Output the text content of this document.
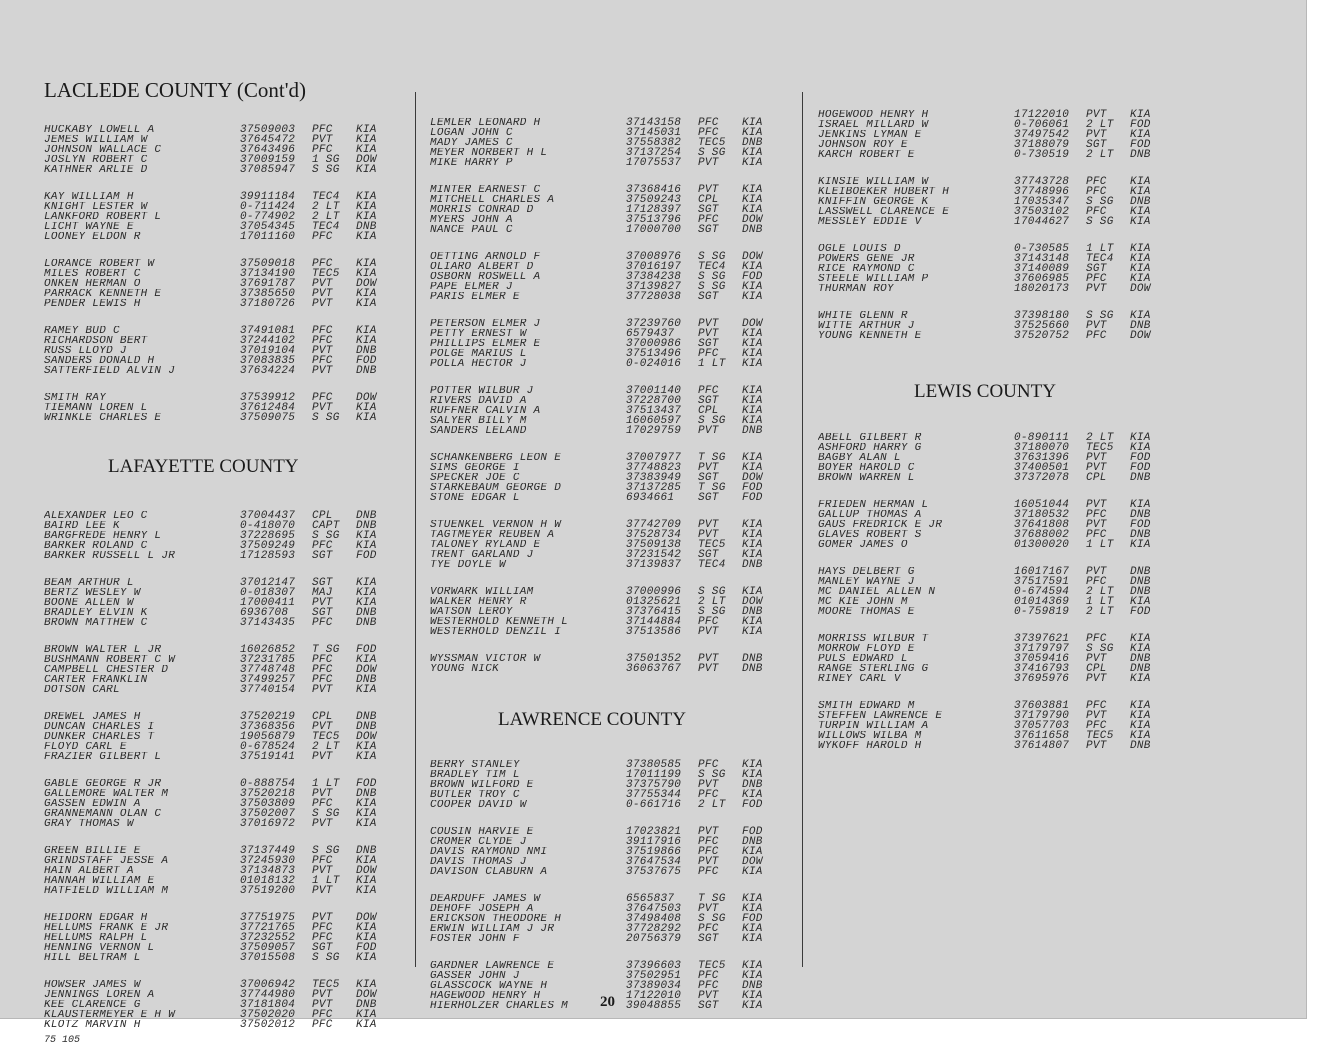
LACLEDE COUNTY (Cont'd)
HUCKABY LOWELL A	37509003	PFC	KIA
JEMES WILLIAM W	37645472	PVT	KIA
JOHNSON WALLACE C	37643496	PFC	KIA
JOSLYN ROBERT C	37009159	1 SG	DOW
KATHNER ARLIE D	37085947	S SG	KIA
KAY WILLIAM H	39911184	TEC4	KIA
KNIGHT LESTER W	0-711424	2 LT	KIA
LANKFORD ROBERT L	0-774902	2 LT	KIA
LICHT WAYNE E	37054345	TEC4	DNB
LOONEY ELDON R	17011160	PFC	KIA
LORANCE ROBERT W	37509018	PFC	KIA
MILES ROBERT C	37134190	TEC5	KIA
ONKEN HERMAN O	37691787	PVT	DOW
PARRACK KENNETH E	37385650	PVT	KIA
PENDER LEWIS H	37180726	PVT	KIA
RAMEY BUD C	37491081	PFC	KIA
RICHARDSON BERT	37244102	PFC	KIA
RUSS LLOYD J	37019104	PVT	DNB
SANDERS DONALD H	37083835	PFC	FOD
SATTERFIELD ALVIN J	37634224	PVT	DNB
SMITH RAY	37539912	PFC	DOW
TIEMANN LOREN L	37612484	PVT	KIA
WRINKLE CHARLES E	37509075	S SG	KIA
LAFAYETTE COUNTY
ALEXANDER LEO C	37004437	CPL	DNB
BAIRD LEE K	0-418070	CAPT	DNB
BARGFREDE HENRY L	37228695	S SG	KIA
BARKER ROLAND C	37509249	PFC	KIA
BARKER RUSSELL L JR	17128593	SGT	FOD
BEAM ARTHUR L	37012147	SGT	KIA
BERTZ WESLEY W	0-018307	MAJ	KIA
BOONE ALLEN W	17000411	PVT	KIA
BRADLEY ELVIN K	6936708	SGT	DNB
BROWN MATTHEW C	37143435	PFC	DNB
BROWN WALTER L JR	16026852	T SG	FOD
BUSHMANN ROBERT C W	37231785	PFC	KIA
CAMPBELL CHESTER D	37748748	PFC	DOW
CARTER FRANKLIN	37499257	PFC	DNB
DOTSON CARL	37740154	PVT	KIA
DREWEL JAMES H	37520219	CPL	DNB
DUNCAN CHARLES I	37368356	PVT	DNB
DUNKER CHARLES T	19056879	TEC5	DOW
FLOYD CARL E	0-678524	2 LT	KIA
FRAZIER GILBERT L	37519141	PVT	KIA
GABLE GEORGE R JR	0-888754	1 LT	FOD
GALLEMORE WALTER M	37520218	PVT	DNB
GASSEN EDWIN A	37503809	PFC	KIA
GRANNEMANN OLAN C	37502007	S SG	KIA
GRAY THOMAS W	37016972	PVT	KIA
GREEN BILLIE E	37137449	S SG	DNB
GRINDSTAFF JESSE A	37245930	PFC	KIA
HAIN ALBERT A	37134873	PVT	DOW
HANNAH WILLIAM E	01018132	1 LT	KIA
HATFIELD WILLIAM M	37519200	PVT	KIA
HEIDORN EDGAR H	37751975	PVT	DOW
HELLUMS FRANK E JR	37721765	PFC	KIA
HELLUMS RALPH L	37232552	PFC	KIA
HENNING VERNON L	37509057	SGT	FOD
HILL BELTRAM L	37015508	S SG	KIA
HOWSER JAMES W	37006942	TEC5	KIA
JENNINGS LOREN A	37744980	PVT	DOW
KEE CLARENCE G	37181804	PVT	DNB
KLAUSTERMEYER E H W	37502020	PFC	KIA
KLOTZ MARVIN H	37502012	PFC	KIA
75 105
LEMLER LEONARD H	37143158	PFC	KIA
LOGAN JOHN C	37145031	PFC	KIA
MADY JAMES C	37558382	TEC5	DNB
MEYER NORBERT H L	37137254	S SG	KIA
MIKE HARRY P	17075537	PVT	KIA
MINTER EARNEST C	37368416	PVT	KIA
MITCHELL CHARLES A	37509243	CPL	KIA
MORRIS CONRAD D	17128397	SGT	KIA
MYERS JOHN A	37513796	PFC	DOW
NANCE PAUL C	17000700	SGT	DNB
OETTING ARNOLD F	37008976	S SG	DOW
OLIARO ALBERT D	37016197	TEC4	KIA
OSBORN ROSWELL A	37384238	S SG	FOD
PAPE ELMER J	37139827	S SG	KIA
PARIS ELMER E	37728038	SGT	KIA
PETERSON ELMER J	37239760	PVT	DOW
PETTY ERNEST W	6579437	PVT	KIA
PHILLIPS ELMER E	37000986	SGT	KIA
POLGE MARIUS L	37513496	PFC	KIA
POLLA HECTOR J	0-024016	1 LT	KIA
POTTER WILBUR J	37001140	PFC	KIA
RIVERS DAVID A	37228700	SGT	KIA
RUFFNER CALVIN A	37513437	CPL	KIA
SALYER BILLY M	16060597	S SG	KIA
SANDERS LELAND	17029759	PVT	DNB
SCHANKENBERG LEON E	37007977	T SG	KIA
SIMS GEORGE I	37748823	PVT	KIA
SPECKER JOE C	37383949	SGT	DOW
STARKEBAUM GEORGE D	37137285	T SG	FOD
STONE EDGAR L	6934661	SGT	FOD
STUENKEL VERNON H W	37742709	PVT	KIA
TAGTMEYER REUBEN A	37528734	PVT	KIA
TALONEY RYLAND E	37509138	TEC5	KIA
TRENT GARLAND J	37231542	SGT	KIA
TYE DOYLE W	37139837	TEC4	DNB
VORWARK WILLIAM	37000996	S SG	KIA
WALKER HENRY R	01325621	2 LT	DOW
WATSON LEROY	37376415	S SG	DNB
WESTERHOLD KENNETH L	37144884	PFC	KIA
WESTERHOLD DENZIL I	37513586	PVT	KIA
WYSSMAN VICTOR W	37501352	PVT	DNB
YOUNG NICK	36063767	PVT	DNB
LAWRENCE COUNTY
BERRY STANLEY	37380585	PFC	KIA
BRADLEY TIM L	17011199	S SG	KIA
BROWN WILFORD E	37375790	PVT	DNB
BUTLER TROY C	37755344	PFC	KIA
COOPER DAVID W	0-661716	2 LT	FOD
COUSIN HARVIE E	17023821	PVT	FOD
CROMER CLYDE J	39117916	PFC	DNB
DAVIS RAYMOND NMI	37519866	PFC	KIA
DAVIS THOMAS J	37647534	PVT	DOW
DAVISON CLABURN A	37537675	PFC	KIA
DEARDUFF JAMES W	6565837	T SG	KIA
DEHOFF JOSEPH A	37647503	PVT	KIA
ERICKSON THEODORE H	37498408	S SG	FOD
ERWIN WILLIAM J JR	37728292	PFC	KIA
FOSTER JOHN F	20756379	SGT	KIA
GARDNER LAWRENCE E	37396603	TEC5	KIA
GASSER JOHN J	37502951	PFC	KIA
GLASSCOCK WAYNE H	37389034	PFC	DNB
HAGEWOOD HENRY H	17122010	PVT	KIA
HIERHOLZER CHARLES M	39048855	SGT	KIA
HOGEWOOD HENRY H	17122010	PVT	KIA
ISRAEL MILLARD W	0-706061	2 LT	FOD
JENKINS LYMAN E	37497542	PVT	KIA
JOHNSON ROY E	37188079	SGT	FOD
KARCH ROBERT E	0-730519	2 LT	DNB
KINSIE WILLIAM W	37743728	PFC	KIA
KLEIBOEKER HUBERT H	37748996	PFC	KIA
KNIFFIN GEORGE K	17035347	S SG	DNB
LASSWELL CLARENCE E	37503102	PFC	KIA
MESSLEY EDDIE V	17044627	S SG	KIA
OGLE LOUIS D	0-730585	1 LT	KIA
POWERS GENE JR	37143148	TEC4	KIA
RICE RAYMOND C	37140089	SGT	KIA
STEELE WILLIAM P	37606985	PFC	KIA
THURMAN ROY	18020173	PVT	DOW
WHITE GLENN R	37398180	S SG	KIA
WITTE ARTHUR J	37525660	PVT	DNB
YOUNG KENNETH E	37520752	PFC	DOW
LEWIS COUNTY
ABELL GILBERT R	0-890111	2 LT	KIA
ASHFORD HARRY G	37180070	TEC5	KIA
BAGBY ALAN L	37631396	PVT	FOD
BOYER HAROLD C	37400501	PVT	FOD
BROWN WARREN L	37372078	CPL	DNB
FRIEDEN HERMAN L	16051044	PVT	KIA
GALLUP THOMAS A	37180532	PFC	DNB
GAUS FREDRICK E JR	37641808	PVT	FOD
GLAVES ROBERT S	37688002	PFC	DNB
GOMER JAMES O	01300020	1 LT	KIA
HAYS DELBERT G	16017167	PVT	DNB
MANLEY WAYNE J	37517591	PFC	DNB
MC DANIEL ALLEN N	0-674594	2 LT	DNB
MC KIE JOHN M	01014369	1 LT	KIA
MOORE THOMAS E	0-759819	2 LT	FOD
MORRISS WILBUR T	37397621	PFC	KIA
MORROW FLOYD E	37179797	S SG	KIA
PULS EDWARD L	37059416	PVT	DNB
RANGE STERLING G	37416793	CPL	DNB
RINEY CARL V	37695976	PVT	KIA
SMITH EDWARD M	37603881	PFC	KIA
STEFFEN LAWRENCE E	37179790	PVT	KIA
TURPIN WILLIAM A	37057703	PFC	KIA
WILLOWS WILBA M	37611658	TEC5	KIA
WYKOFF HAROLD H	37614807	PVT	DNB
20
